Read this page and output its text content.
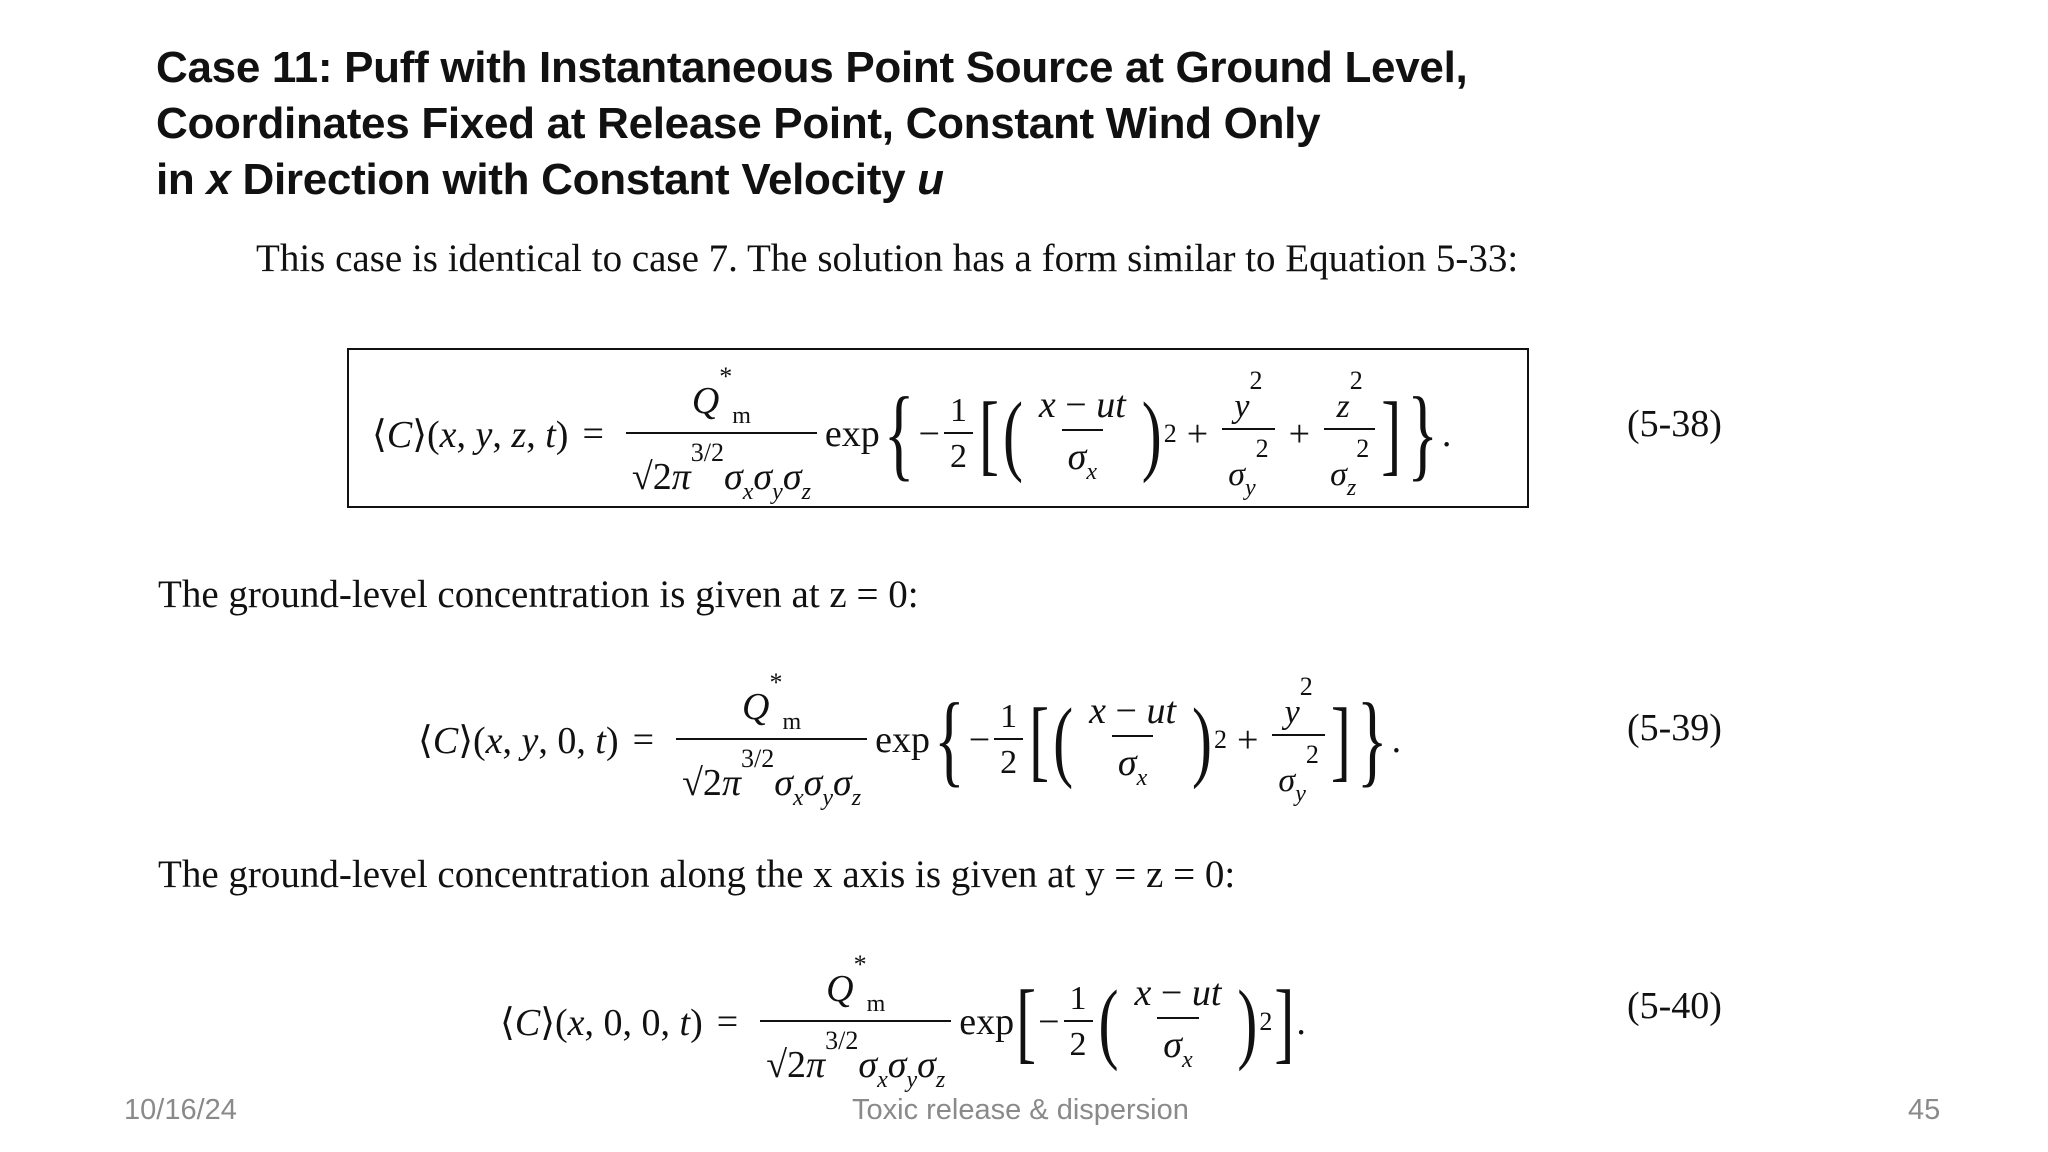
Case 11: Puff with Instantaneous Point Source at Ground Level,
Coordinates Fixed at Release Point, Constant Wind Only
in x Direction with Constant Velocity u
This case is identical to case 7. The solution has a form similar to Equation 5-33:
⟨C⟩(x, y, z, $t) = \frac{Q^*_m}{√2\pi^{3/2}\sigma_x\sigma_y\sigma_z}$ exp { − $\frac{1}{2}$ [ ( $\frac{x - ut}{\sigma_x}$ ) $2 + \frac{y^2}{\sigma_y^2} + \frac{z^2}{\sigma_z^2}$ ] } .	(5-38)
The ground-level concentration is given at z = 0:
⟨C⟩(x, y, 0, $t) = \frac{Q^*_m}{√2\pi^{3/2}\sigma_x\sigma_y\sigma_z}$ exp { − $\frac{1}{2}$ [ ( $\frac{x - ut}{\sigma_x}$ ) $2 + \frac{y^2}{\sigma_y^2}$ ] } .	(5-39)
The ground-level concentration along the x axis is given at y = z = 0:
⟨C⟩(x, 0, 0, $t) = \frac{Q^*_m}{√2\pi^{3/2}\sigma_x\sigma_y\sigma_z}$ exp [ − $\frac{1}{2}$ ( $\frac{x - ut}{\sigma_x}$ ) 2 ] .	(5-40)
10/16/24	Toxic release & dispersion	45
